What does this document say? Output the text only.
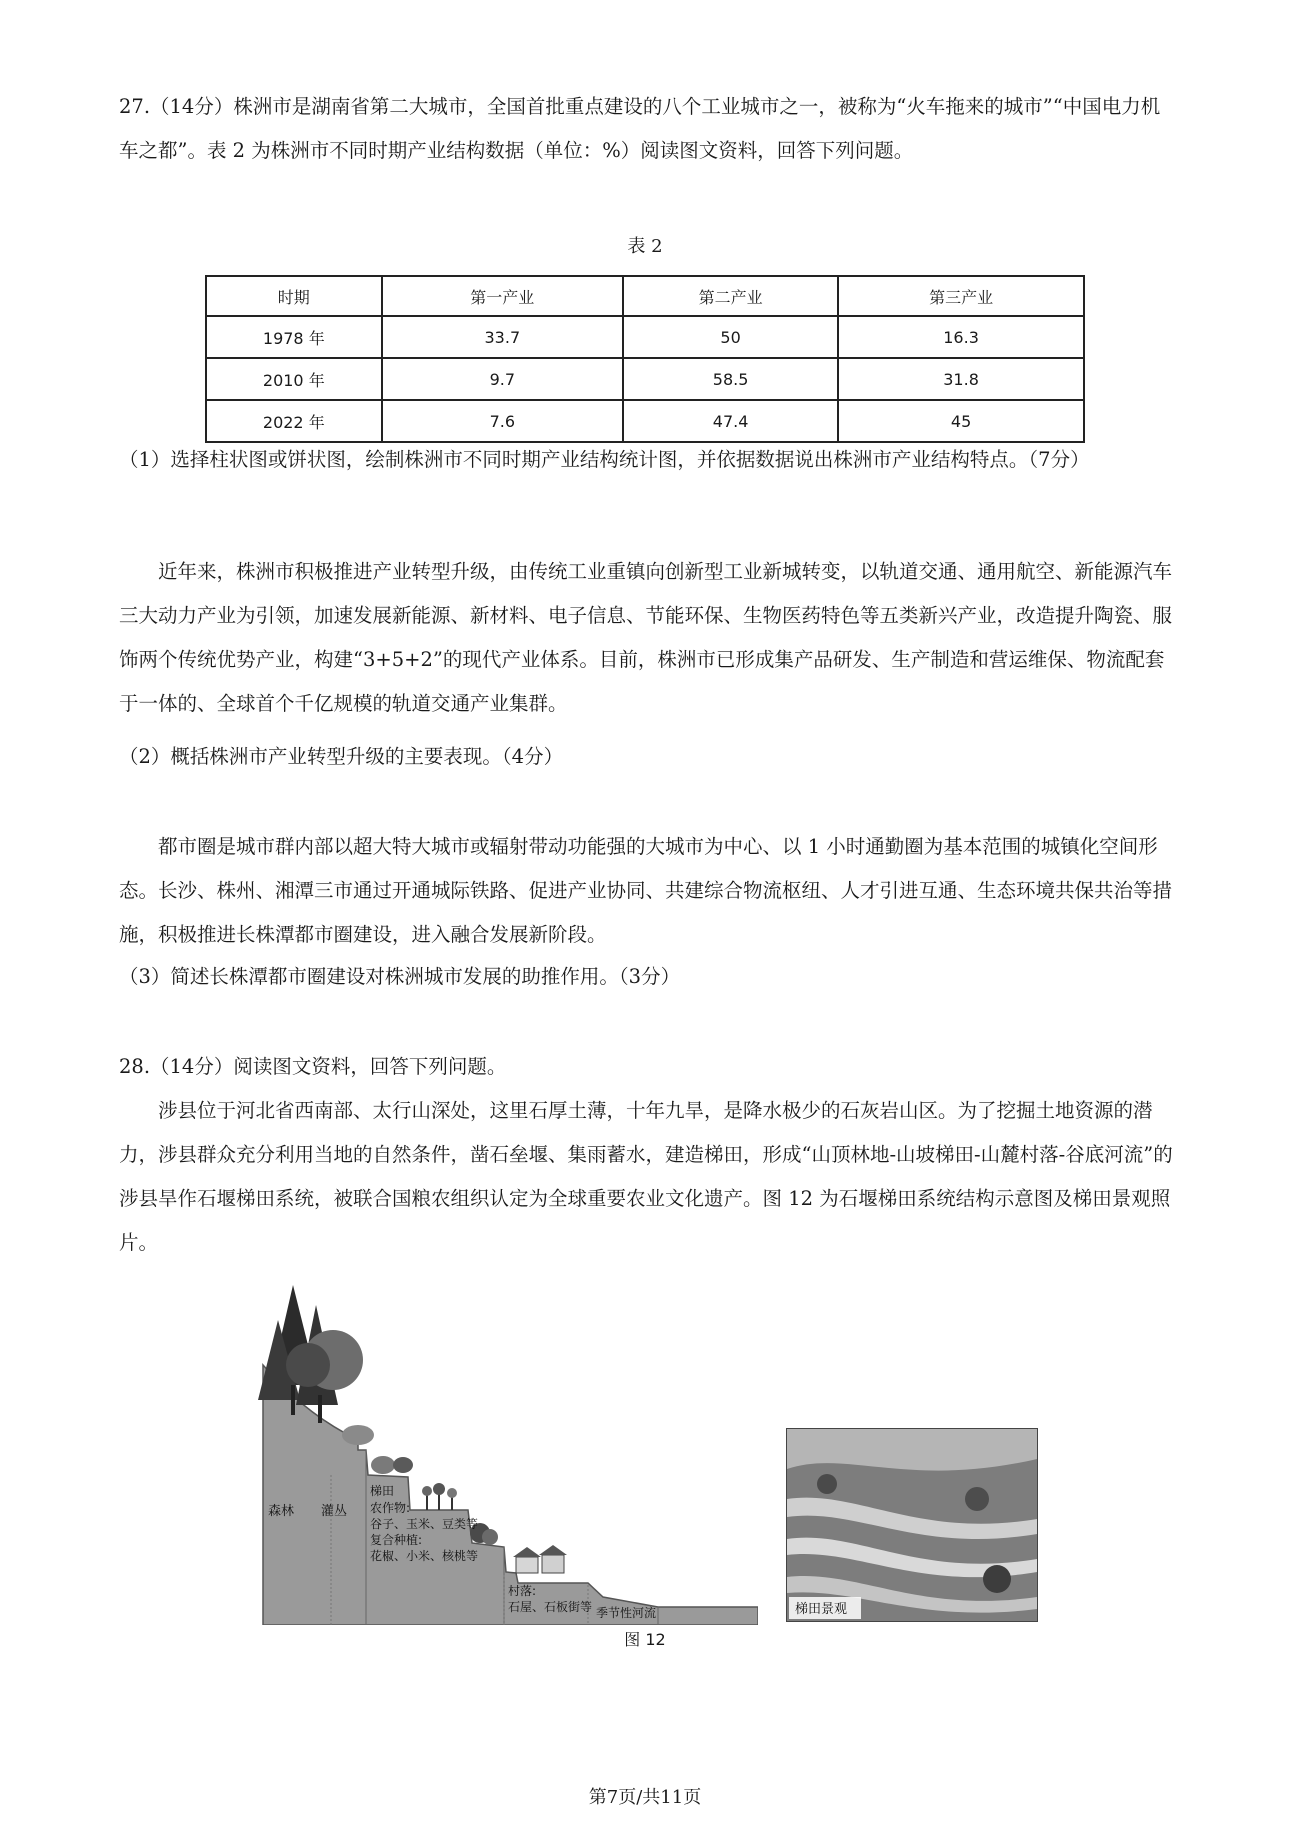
27.（14分）株洲市是湖南省第二大城市，全国首批重点建设的八个工业城市之一，被称为“火车拖来的城市”“中国电力机车之都”。表 2 为株洲市不同时期产业结构数据（单位：%）阅读图文资料，回答下列问题。

表 2
时期	第一产业	第二产业	第三产业
1978 年	33.7	50	16.3
2010 年	9.7	58.5	31.8
2022 年	7.6	47.4	45

（1）选择柱状图或饼状图，绘制株洲市不同时期产业结构统计图，并依据数据说出株洲市产业结构特点。（7分）

近年来，株洲市积极推进产业转型升级，由传统工业重镇向创新型工业新城转变，以轨道交通、通用航空、新能源汽车三大动力产业为引领，加速发展新能源、新材料、电子信息、节能环保、生物医药特色等五类新兴产业，改造提升陶瓷、服饰两个传统优势产业，构建“3+5+2”的现代产业体系。目前，株洲市已形成集产品研发、生产制造和营运维保、物流配套于一体的、全球首个千亿规模的轨道交通产业集群。

（2）概括株洲市产业转型升级的主要表现。（4分）

都市圈是城市群内部以超大特大城市或辐射带动功能强的大城市为中心、以 1 小时通勤圈为基本范围的城镇化空间形态。长沙、株州、湘潭三市通过开通城际铁路、促进产业协同、共建综合物流枢纽、人才引进互通、生态环境共保共治等措施，积极推进长株潭都市圈建设，进入融合发展新阶段。

（3）简述长株潭都市圈建设对株洲城市发展的助推作用。（3分）

28.（14分）阅读图文资料，回答下列问题。

涉县位于河北省西南部、太行山深处，这里石厚土薄，十年九旱，是降水极少的石灰岩山区。为了挖掘土地资源的潜力，涉县群众充分利用当地的自然条件，凿石垒堰、集雨蓄水，建造梯田，形成“山顶林地-山坡梯田-山麓村落-谷底河流”的涉县旱作石堰梯田系统，被联合国粮农组织认定为全球重要农业文化遗产。图 12 为石堰梯田系统结构示意图及梯田景观照片。

森林 灌丛
梯田
农作物:
谷子、玉米、豆类等
复合种植:
花椒、小米、核桃等
村落:
石屋、石板街等 季节性河流	梯田景观
图 12
第7页/共11页
